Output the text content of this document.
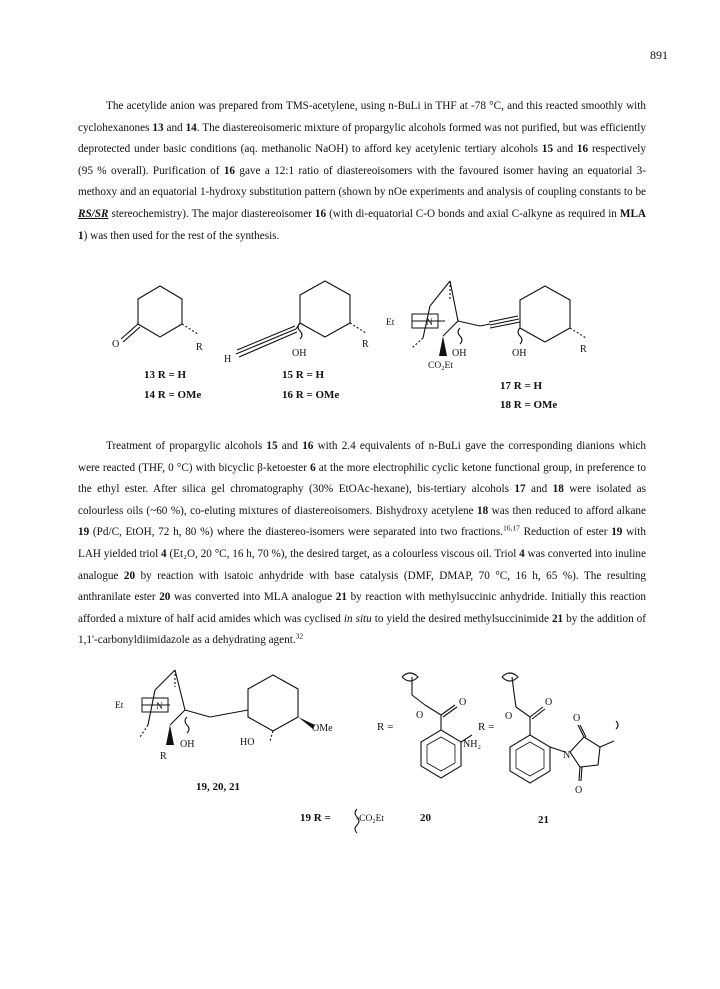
891

The acetylide anion was prepared from TMS-acetylene, using n-BuLi in THF at -78 °C, and this reacted smoothly with cyclohexanones 13 and 14. The diastereoisomeric mixture of propargylic alcohols formed was not purified, but was efficiently deprotected under basic conditions (aq. methanolic NaOH) to afford key acetylenic tertiary alcohols 15 and 16 respectively (95 % overall). Purification of 16 gave a 12:1 ratio of diastereoisomers with the favoured isomer having an equatorial 3-methoxy and an equatorial 1-hydroxy substitution pattern (shown by nOe experiments and analysis of coupling constants to be RS/SR stereochemistry). The major diastereoisomer 16 (with di-equatorial C-O bonds and axial C-alkyne as required in MLA 1) was then used for the rest of the synthesis.

O	R
13 R = H
14 R = OMe
H
OH
R
15 R = H
16 R = OMe
Et	N
OH
CO₂Et
OH	R
17 R = H
18 R = OMe

Treatment of propargylic alcohols 15 and 16 with 2.4 equivalents of n-BuLi gave the corresponding dianions which were reacted (THF, 0 °C) with bicyclic β-ketoester 6 at the more electrophilic cyclic ketone functional group, in preference to the ethyl ester. After silica gel chromatography (30% EtOAc-hexane), bis-tertiary alcohols 17 and 18 were isolated as colourless oils (~60 %), co-eluting mixtures of diastereoisomers. Bishydroxy acetylene 18 was then reduced to afford alkane 19 (Pd/C, EtOH, 72 h, 80 %) where the diastereo-isomers were separated into two fractions.$^{16,17}$ Reduction of ester 19 with LAH yielded triol 4 (Et₂O, 20 °C, 16 h, 70 %), the desired target, as a colourless viscous oil. Triol 4 was converted into inuline analogue 20 by reaction with isatoic anhydride with base catalysis (DMF, DMAP, 70 °C, 16 h, 65 %). The resulting anthranilate ester 20 was converted into MLA analogue 21 by reaction with methylsuccinic anhydride. Initially this reaction afforded a mixture of half acid amides which was cyclised in situ to yield the desired methylsuccinimide 21 by the addition of 1,1'-carbonyldiimidazole as a dehydrating agent.$^{32}$

Et	N
OH
R
HO
OMe
19, 20, 21
R =
O
O
NH₂
20
R =
O
O
O
N
O
21
19 R =	-CO₂Et
